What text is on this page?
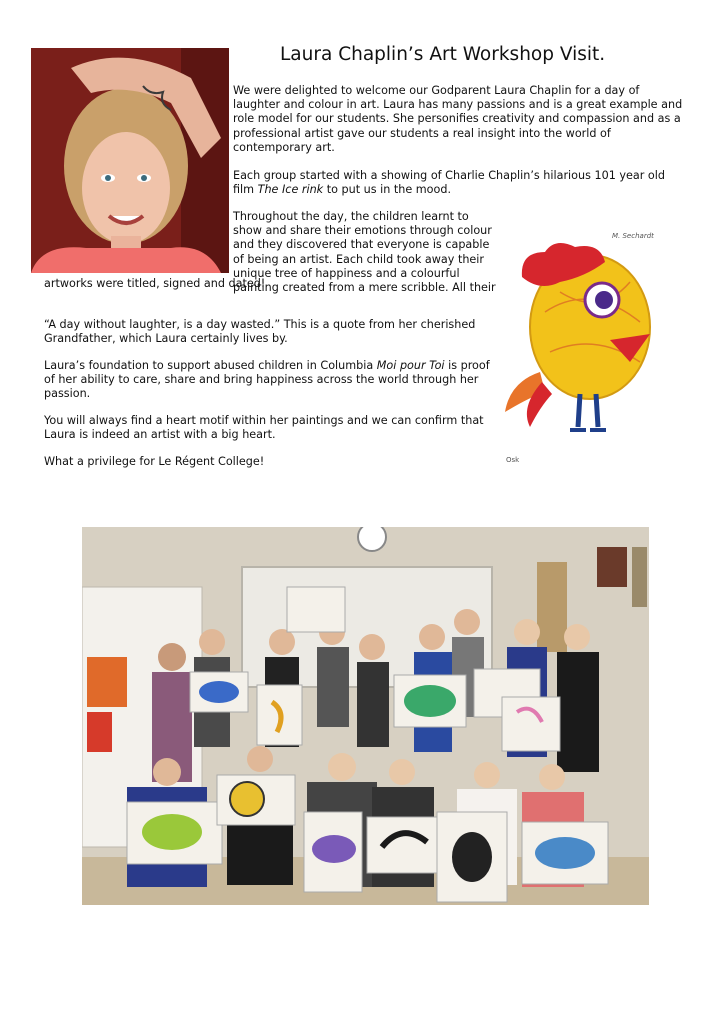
Laura Chaplin’s Art Workshop Visit.

We were delighted to welcome our Godparent Laura Chaplin for a day of laughter and colour in art. Laura has many passions and is a great example and role model for our students. She personifies creativity and compassion and as a professional artist gave our students a real insight into the world of contemporary art.

Each group started with a showing of Charlie Chaplin’s hilarious 101 year old film The Ice rink to put us in the mood.

Throughout the day, the children learnt to show and share their emotions through colour and they discovered that everyone is capable of being an artist. Each child took away their unique tree of happiness and a colourful painting created from a mere scribble. All their

artworks were titled, signed and dated!

“A day without laughter, is a day wasted.” This is a quote from her cherished Grandfather, which Laura certainly lives by.

Laura’s foundation to support abused children in Columbia Moi pour Toi is proof of her ability to care, share and bring happiness across the world through her passion.

You will always find a heart motif within her paintings and we can confirm that Laura is indeed an artist with a big heart.

What a privilege for Le Régent College!

M. Sechardt
Osk
